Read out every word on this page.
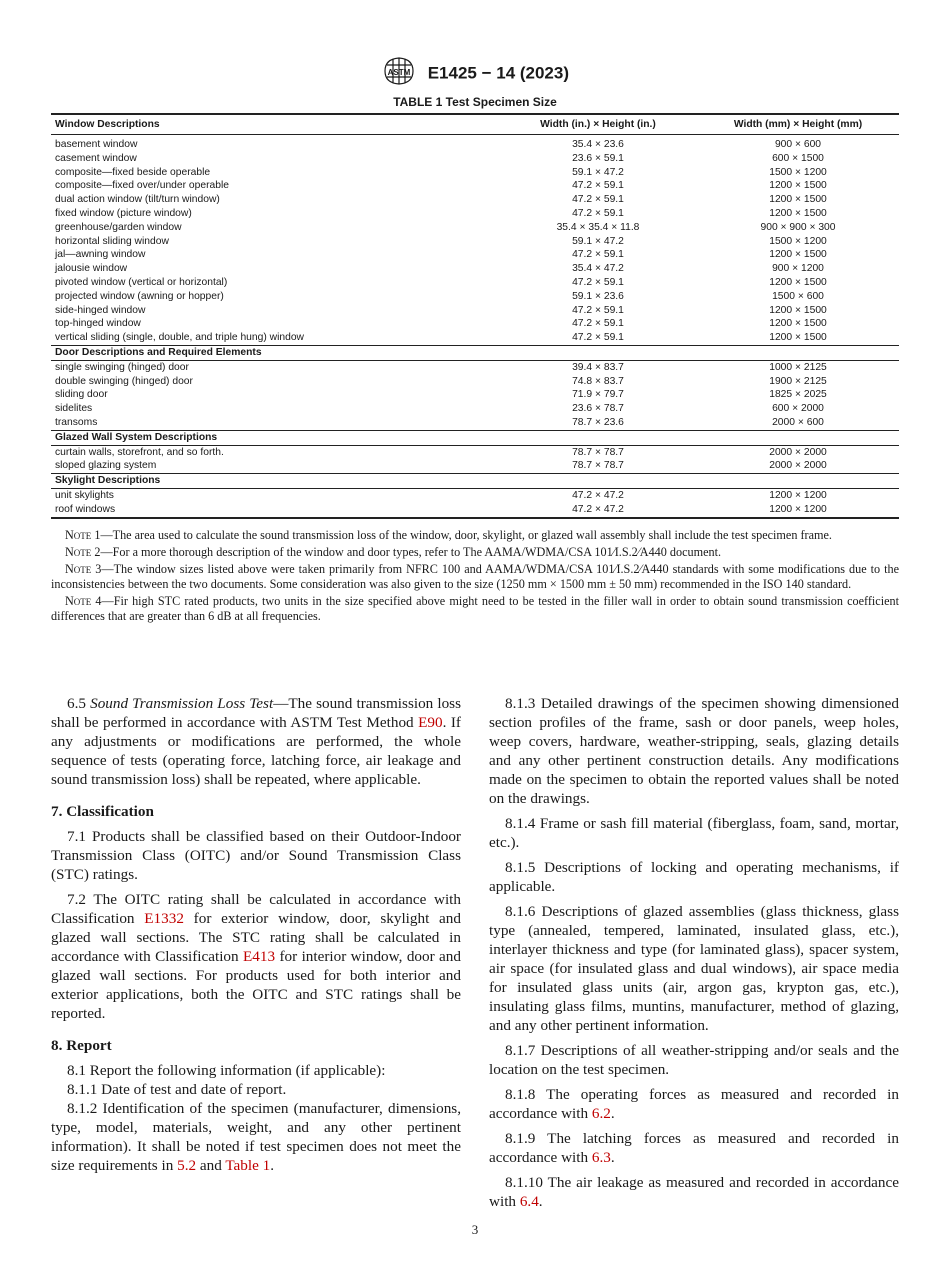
ASTM E1425 − 14 (2023)
TABLE 1 Test Specimen Size
Window Descriptions	Width (in.) × Height (in.)	Width (mm) × Height (mm)
basement window	35.4 × 23.6	900 × 600
casement window	23.6 × 59.1	600 × 1500
composite—fixed beside operable	59.1 × 47.2	1500 × 1200
composite—fixed over/under operable	47.2 × 59.1	1200 × 1500
dual action window (tilt/turn window)	47.2 × 59.1	1200 × 1500
fixed window (picture window)	47.2 × 59.1	1200 × 1500
greenhouse/garden window	35.4 × 35.4 × 11.8	900 × 900 × 300
horizontal sliding window	59.1 × 47.2	1500 × 1200
jal—awning window	47.2 × 59.1	1200 × 1500
jalousie window	35.4 × 47.2	900 × 1200
pivoted window (vertical or horizontal)	47.2 × 59.1	1200 × 1500
projected window (awning or hopper)	59.1 × 23.6	1500 × 600
side-hinged window	47.2 × 59.1	1200 × 1500
top-hinged window	47.2 × 59.1	1200 × 1500
vertical sliding (single, double, and triple hung) window	47.2 × 59.1	1200 × 1500
Door Descriptions and Required Elements		
single swinging (hinged) door	39.4 × 83.7	1000 × 2125
double swinging (hinged) door	74.8 × 83.7	1900 × 2125
sliding door	71.9 × 79.7	1825 × 2025
sidelites	23.6 × 78.7	600 × 2000
transoms	78.7 × 23.6	2000 × 600
Glazed Wall System Descriptions		
curtain walls, storefront, and so forth.	78.7 × 78.7	2000 × 2000
sloped glazing system	78.7 × 78.7	2000 × 2000
Skylight Descriptions		
unit skylights	47.2 × 47.2	1200 × 1200
roof windows	47.2 × 47.2	1200 × 1200

Note 1—The area used to calculate the sound transmission loss of the window, door, skylight, or glazed wall assembly shall include the test specimen frame.

Note 2—For a more thorough description of the window and door types, refer to The AAMA/WDMA/CSA 101⁄I.S.2⁄A440 document.

Note 3—The window sizes listed above were taken primarily from NFRC 100 and AAMA/WDMA/CSA 101⁄I.S.2⁄A440 standards with some modifications due to the inconsistencies between the two documents. Some consideration was also given to the size (1250 mm × 1500 mm ± 50 mm) recommended in the ISO 140 standard.

Note 4—Fir high STC rated products, two units in the size specified above might need to be tested in the filler wall in order to obtain sound transmission coefficient differences that are greater than 6 dB at all frequencies.

6.5 Sound Transmission Loss Test—The sound transmission loss shall be performed in accordance with ASTM Test Method E90. If any adjustments or modifications are performed, the whole sequence of tests (operating force, latching force, air leakage and sound transmission loss) shall be repeated, where applicable.

7. Classification

7.1 Products shall be classified based on their Outdoor-Indoor Transmission Class (OITC) and/or Sound Transmission Class (STC) ratings.

7.2 The OITC rating shall be calculated in accordance with Classification E1332 for exterior window, door, skylight and glazed wall sections. The STC rating shall be calculated in accordance with Classification E413 for interior window, door and glazed wall sections. For products used for both interior and exterior applications, both the OITC and STC ratings shall be reported.

8. Report

8.1 Report the following information (if applicable):

8.1.1 Date of test and date of report.

8.1.2 Identification of the specimen (manufacturer, dimensions, type, model, materials, weight, and any other pertinent information). It shall be noted if test specimen does not meet the size requirements in 5.2 and Table 1.

8.1.3 Detailed drawings of the specimen showing dimensioned section profiles of the frame, sash or door panels, weep holes, weep covers, hardware, weather-stripping, seals, glazing details and any other pertinent construction details. Any modifications made on the specimen to obtain the reported values shall be noted on the drawings.

8.1.4 Frame or sash fill material (fiberglass, foam, sand, mortar, etc.).

8.1.5 Descriptions of locking and operating mechanisms, if applicable.

8.1.6 Descriptions of glazed assemblies (glass thickness, glass type (annealed, tempered, laminated, insulated glass, etc.), interlayer thickness and type (for laminated glass), spacer system, air space (for insulated glass and dual windows), air space media for insulated glass units (air, argon gas, krypton gas, etc.), insulating glass films, muntins, manufacturer, method of glazing, and any other pertinent information.

8.1.7 Descriptions of all weather-stripping and/or seals and the location on the test specimen.

8.1.8 The operating forces as measured and recorded in accordance with 6.2.

8.1.9 The latching forces as measured and recorded in accordance with 6.3.

8.1.10 The air leakage as measured and recorded in accordance with 6.4.

3
